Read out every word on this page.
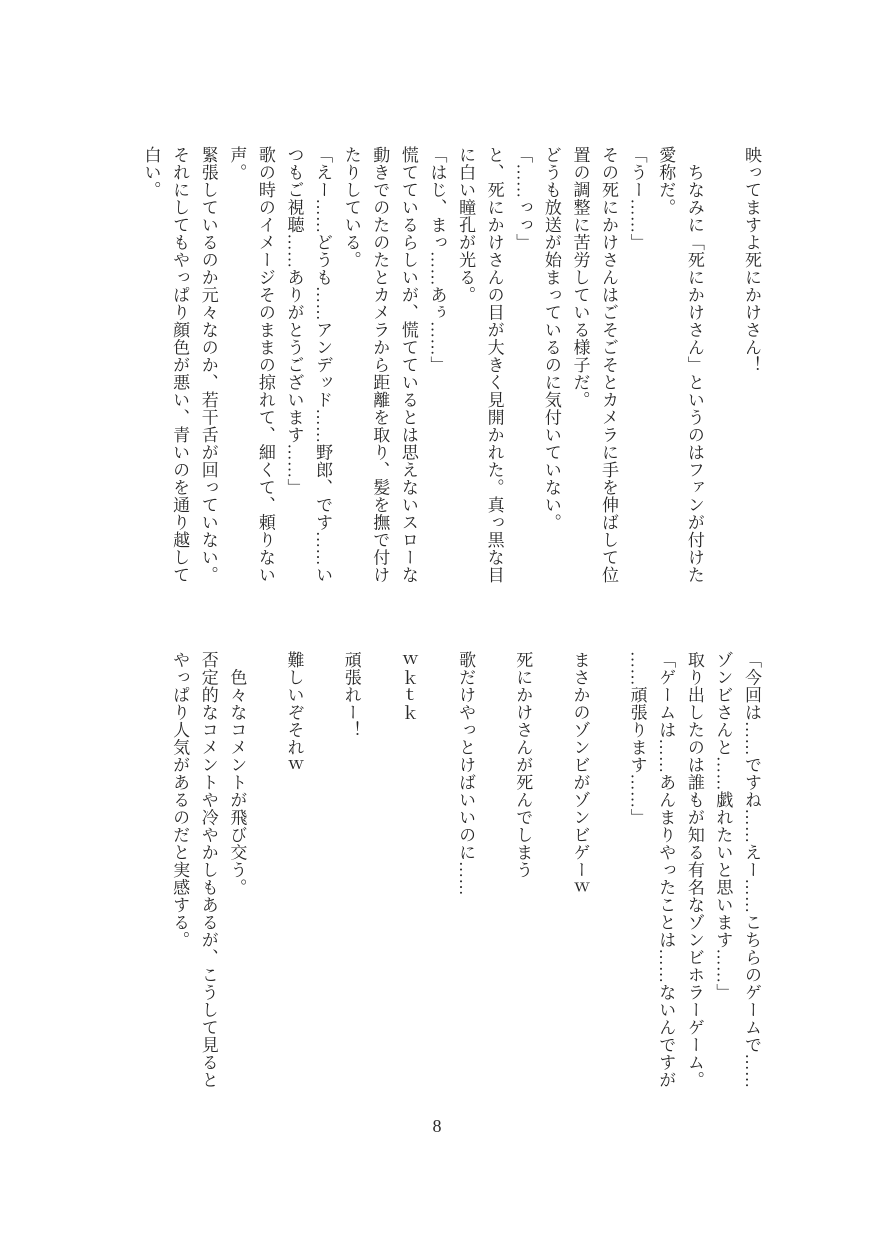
映ってますよ死にかけさん！

　ちなみに「死にかけさん」というのはファンが付けた

愛称だ。

「うー……」

その死にかけさんはごそごそとカメラに手を伸ばして位

置の調整に苦労している様子だ。

どうも放送が始まっているのに気付いていない。

「……っっ」

と、死にかけさんの目が大きく見開かれた。真っ黒な目

に白い瞳孔が光る。

「はじ、まっ……あぅ……」

慌てているらしいが、慌てているとは思えないスローな

動きでのたのたとカメラから距離を取り、髪を撫で付け

たりしている。

「えー……どうも……アンデッド……野郎、です……い

つもご視聴……ありがとうございます……」

歌の時のイメージそのままの掠れて、細くて、頼りない

声。

緊張しているのか元々なのか、若干舌が回っていない。

それにしてもやっぱり顔色が悪い、青いのを通り越して

白い。

「今回は……ですね……えー……こちらのゲームで……

ゾンビさんと……戯れたいと思います……」

取り出したのは誰もが知る有名なゾンビホラーゲーム。

「ゲームは……あんまりやったことは……ないんですが

……頑張ります……」

まさかのゾンビがゾンビゲーｗ

死にかけさんが死んでしまう

歌だけやっとけばいいのに……

ｗｋｔｋ

頑張れー！

難しいぞそれｗ

　色々なコメントが飛び交う。

否定的なコメントや冷やかしもあるが、こうして見ると

やっぱり人気があるのだと実感する。

8
